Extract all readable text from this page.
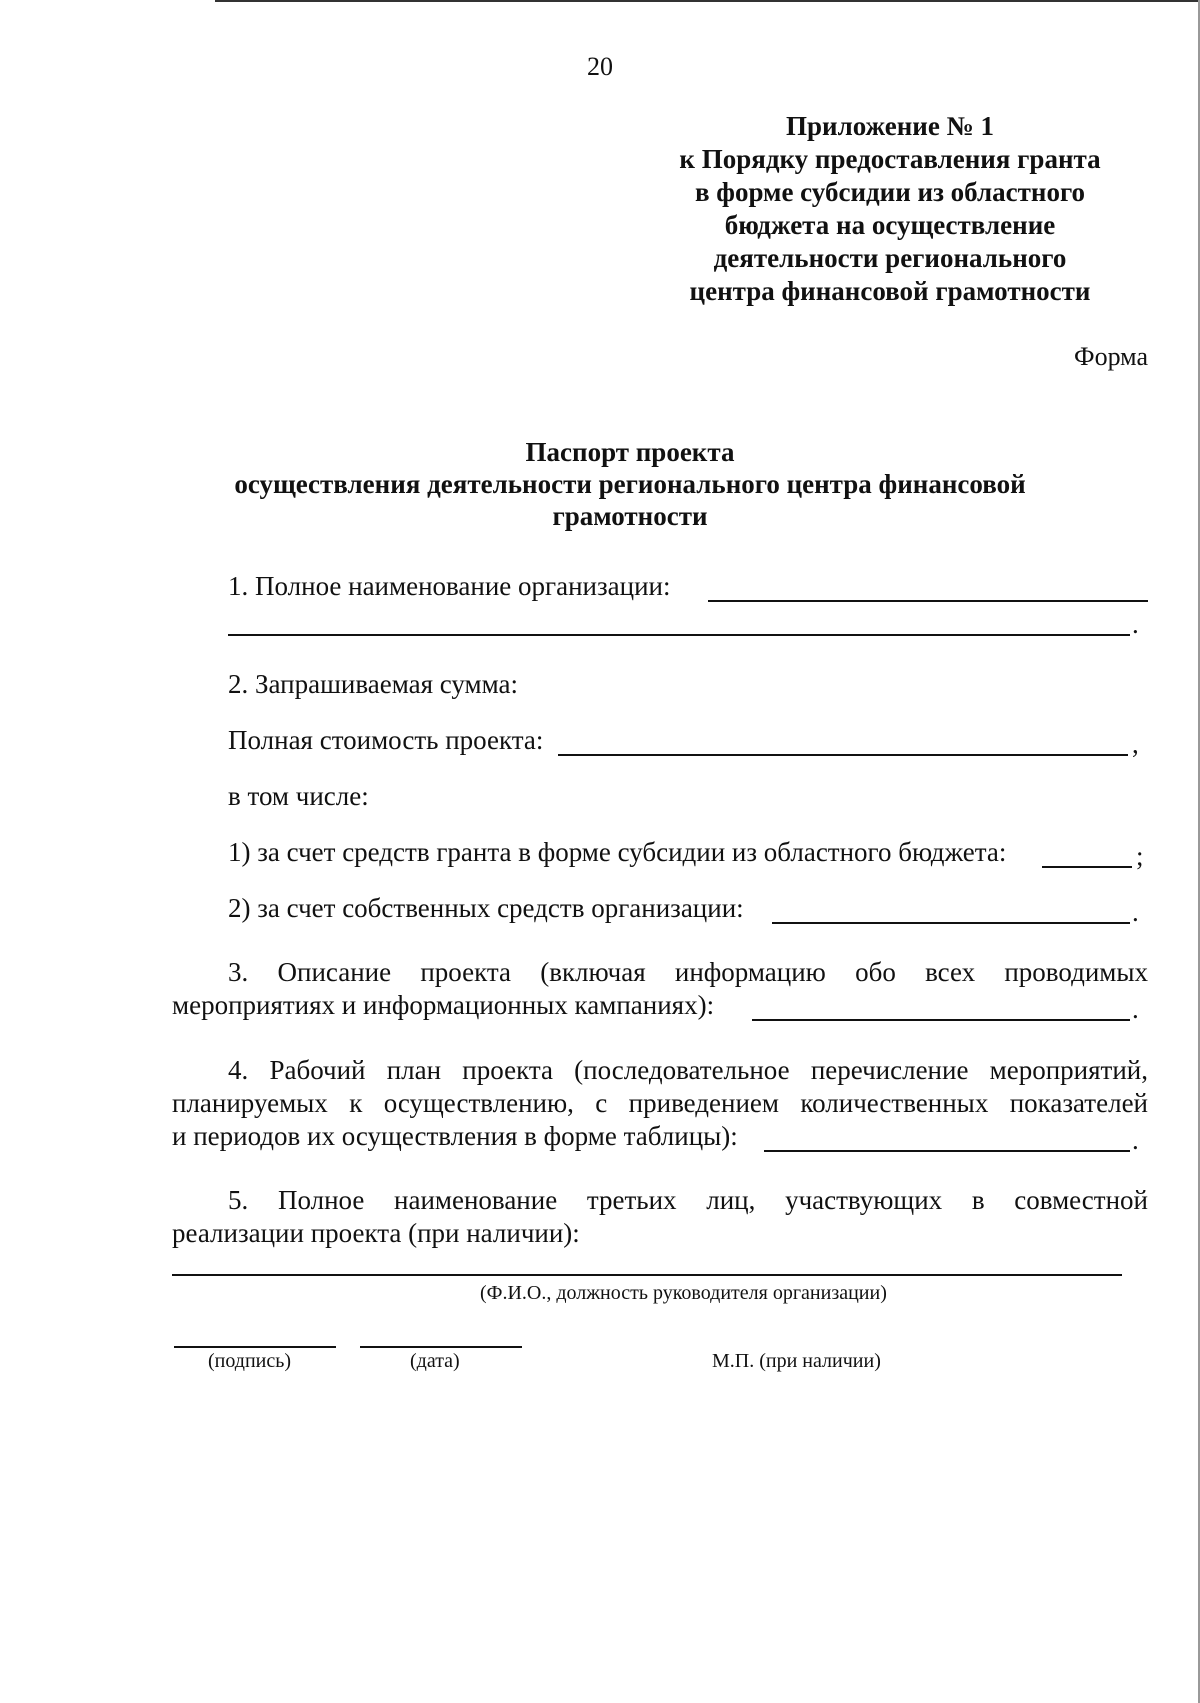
20
Приложение № 1
к Порядку предоставления гранта
в форме субсидии из областного
бюджета на осуществление
деятельности регионального
центра финансовой грамотности
Форма
Паспорт проекта
осуществления деятельности регионального центра финансовой
грамотности
1. Полное наименование организации:
.
2. Запрашиваемая сумма:
Полная стоимость проекта:	,
в том числе:
1) за счет средств гранта в форме субсидии из областного бюджета:	;
2) за счет собственных средств организации:	.
3. Описание проекта (включая информацию обо всех проводимых
мероприятиях и информационных кампаниях):	.
4. Рабочий план проекта (последовательное перечисление мероприятий,
планируемых к осуществлению, с приведением количественных показателей
и периодов их осуществления в форме таблицы):	.
5. Полное наименование третьих лиц, участвующих в совместной
реализации проекта (при наличии):
(Ф.И.О., должность руководителя организации)
(подпись)	(дата)	М.П. (при наличии)
